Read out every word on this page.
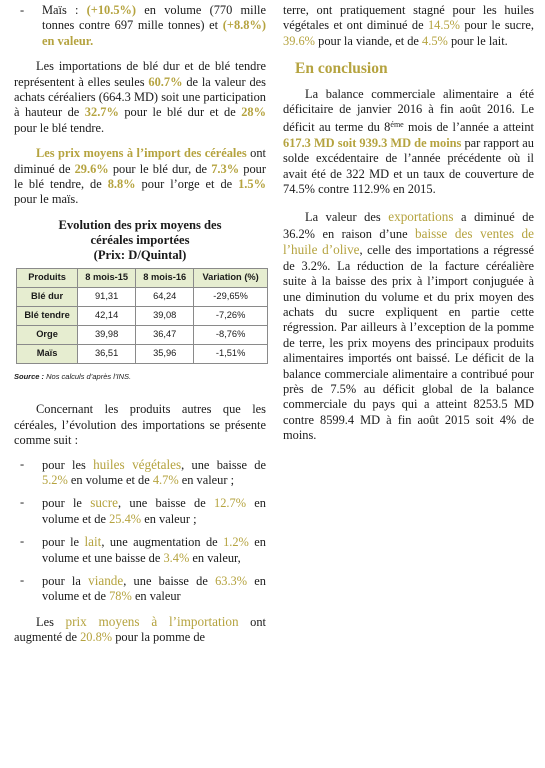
- Maïs : (+10.5%) en volume (770 mille tonnes contre 697 mille tonnes) et (+8.8%) en valeur.

Les importations de blé dur et de blé tendre représentent à elles seules 60.7% de la valeur des achats céréaliers (664.3 MD) soit une participation à hauteur de 32.7% pour le blé dur et de 28% pour le blé tendre.

Les prix moyens à l’import des céréales ont diminué de 29.6% pour le blé dur, de 7.3% pour le blé tendre, de 8.8% pour l’orge et de 1.5% pour le maïs.

Evolution des prix moyens des
céréales importées
(Prix: D/Quintal)
Produits	8 mois-15	8 mois-16	Variation (%)
Blé dur	91,31	64,24	-29,65%
Blé tendre	42,14	39,08	-7,26%
Orge	39,98	36,47	-8,76%
Maïs	36,51	35,96	-1,51%
Source : Nos calculs d’après l’INS.

Concernant les produits autres que les céréales, l’évolution des importations se présente comme suit :

- pour les huiles végétales, une baisse de 5.2% en volume et de 4.7% en valeur ;
- pour le sucre, une baisse de 12.7% en volume et de 25.4% en valeur ;
- pour le lait, une augmentation de 1.2% en volume et une baisse de 3.4% en valeur,
- pour la viande, une baisse de 63.3% en volume et de 78% en valeur

Les prix moyens à l’importation ont augmenté de 20.8% pour la pomme de

terre, ont pratiquement stagné pour les huiles végétales et ont diminué de 14.5% pour le sucre, 39.6% pour la viande, et de 4.5% pour le lait.

En conclusion

La balance commerciale alimentaire a été déficitaire de janvier 2016 à fin août 2016. Le déficit au terme du $8^{éme}$ mois de l’année a atteint 617.3 MD soit 939.3 MD de moins par rapport au solde excédentaire de l’année précédente où il avait été de 322 MD et un taux de couverture de 74.5% contre 112.9% en 2015.

La valeur des exportations a diminué de 36.2% en raison d’une baisse des ventes de l’huile d’olive, celle des importations a régressé de 3.2%. La réduction de la facture céréalière suite à la baisse des prix à l’import conjuguée à une diminution du volume et du prix moyen des achats du sucre expliquent en partie cette régression. Par ailleurs à l’exception de la pomme de terre, les prix moyens des principaux produits alimentaires importés ont baissé. Le déficit de la balance commerciale alimentaire a contribué pour près de 7.5% au déficit global de la balance commerciale du pays qui a atteint 8253.5 MD contre 8599.4 MD à fin août 2015 soit 4% de moins.
